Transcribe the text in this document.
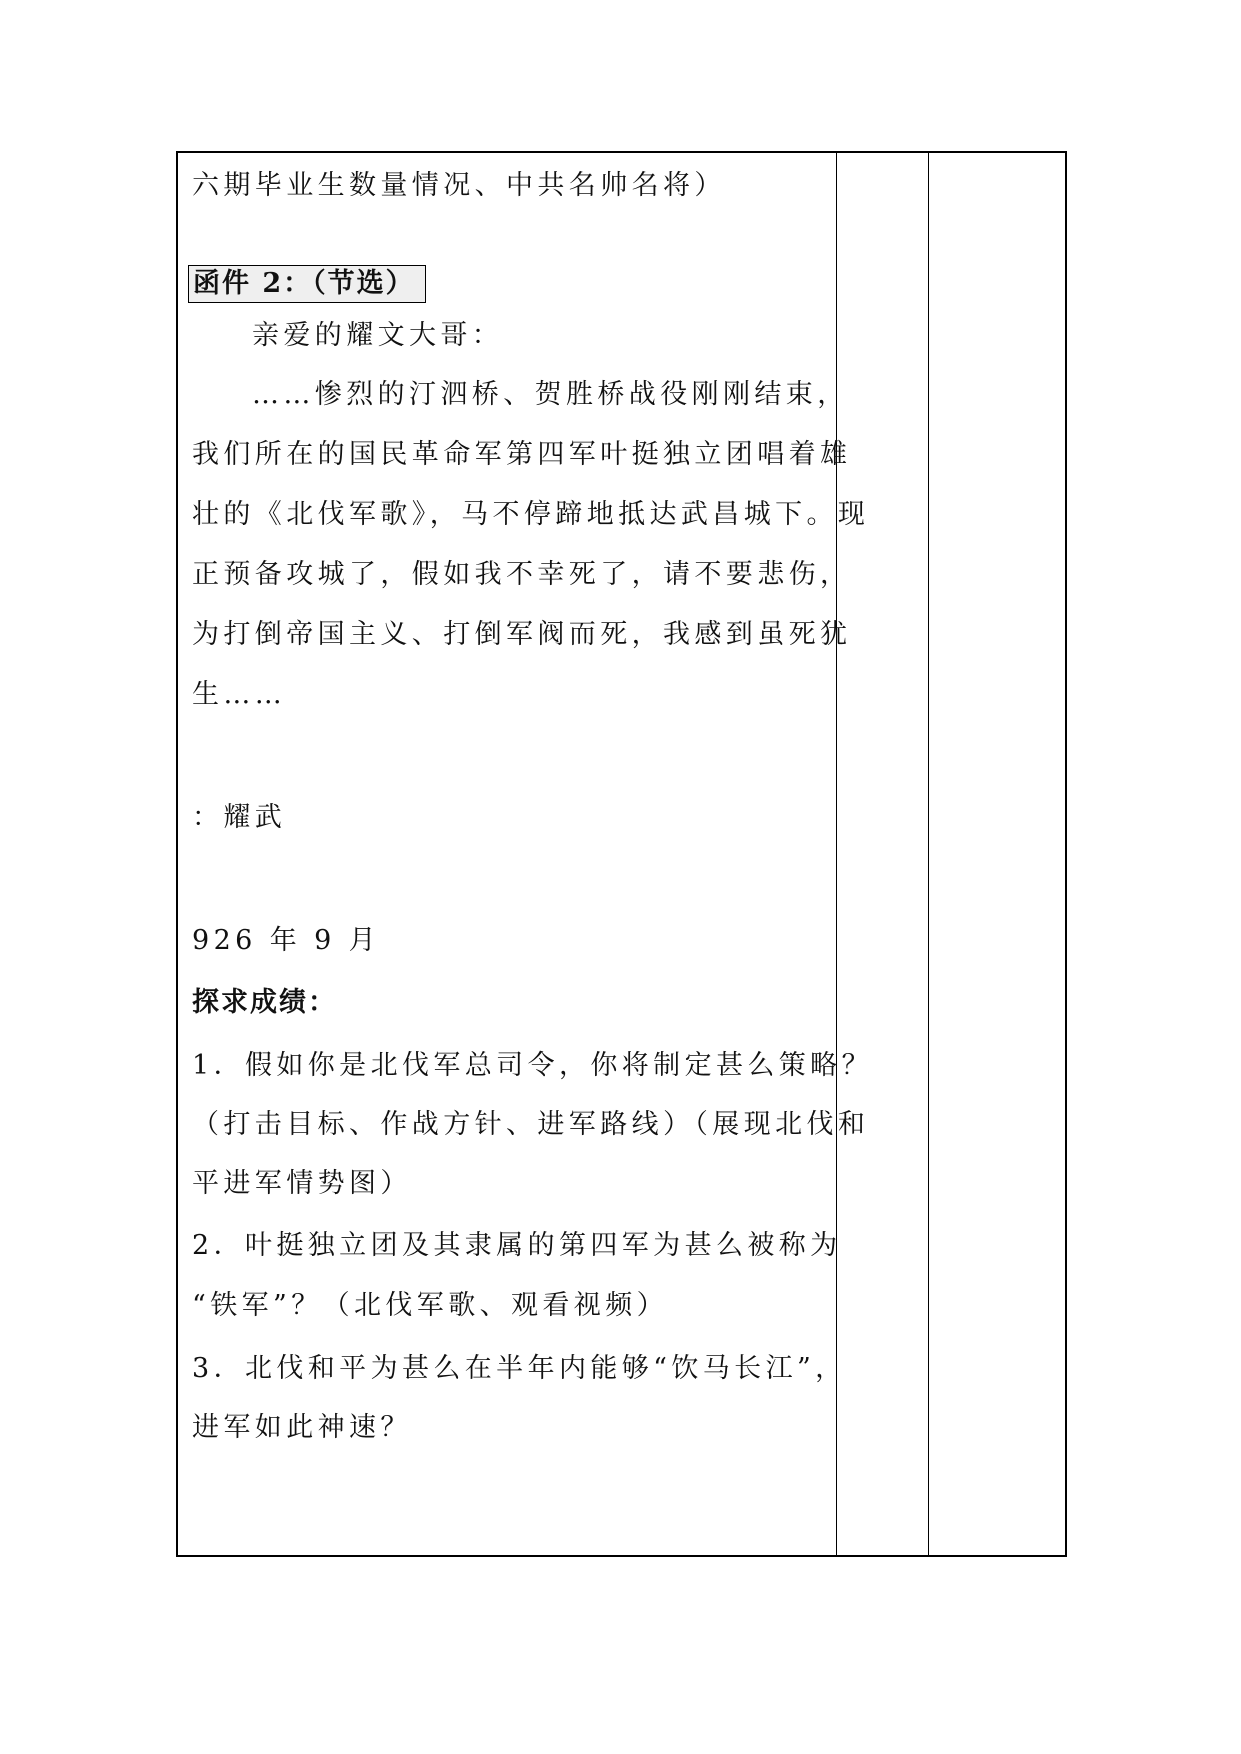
六期毕业生数量情况、中共名帅名将）
函件 2：（节选）
亲爱的耀文大哥：
……惨烈的汀泗桥、贺胜桥战役刚刚结束，
我们所在的国民革命军第四军叶挺独立团唱着雄
壮的《北伐军歌》，马不停蹄地抵达武昌城下。现
正预备攻城了，假如我不幸死了，请不要悲伤，
为打倒帝国主义、打倒军阀而死，我感到虽死犹
生……
：耀武
926 年 9 月
探求成绩：
1．假如你是北伐军总司令，你将制定甚么策略？
（打击目标、作战方针、进军路线）（展现北伐和
平进军情势图）
2．叶挺独立团及其隶属的第四军为甚么被称为
“铁军”？（北伐军歌、观看视频）
3．北伐和平为甚么在半年内能够“饮马长江”，
进军如此神速？
